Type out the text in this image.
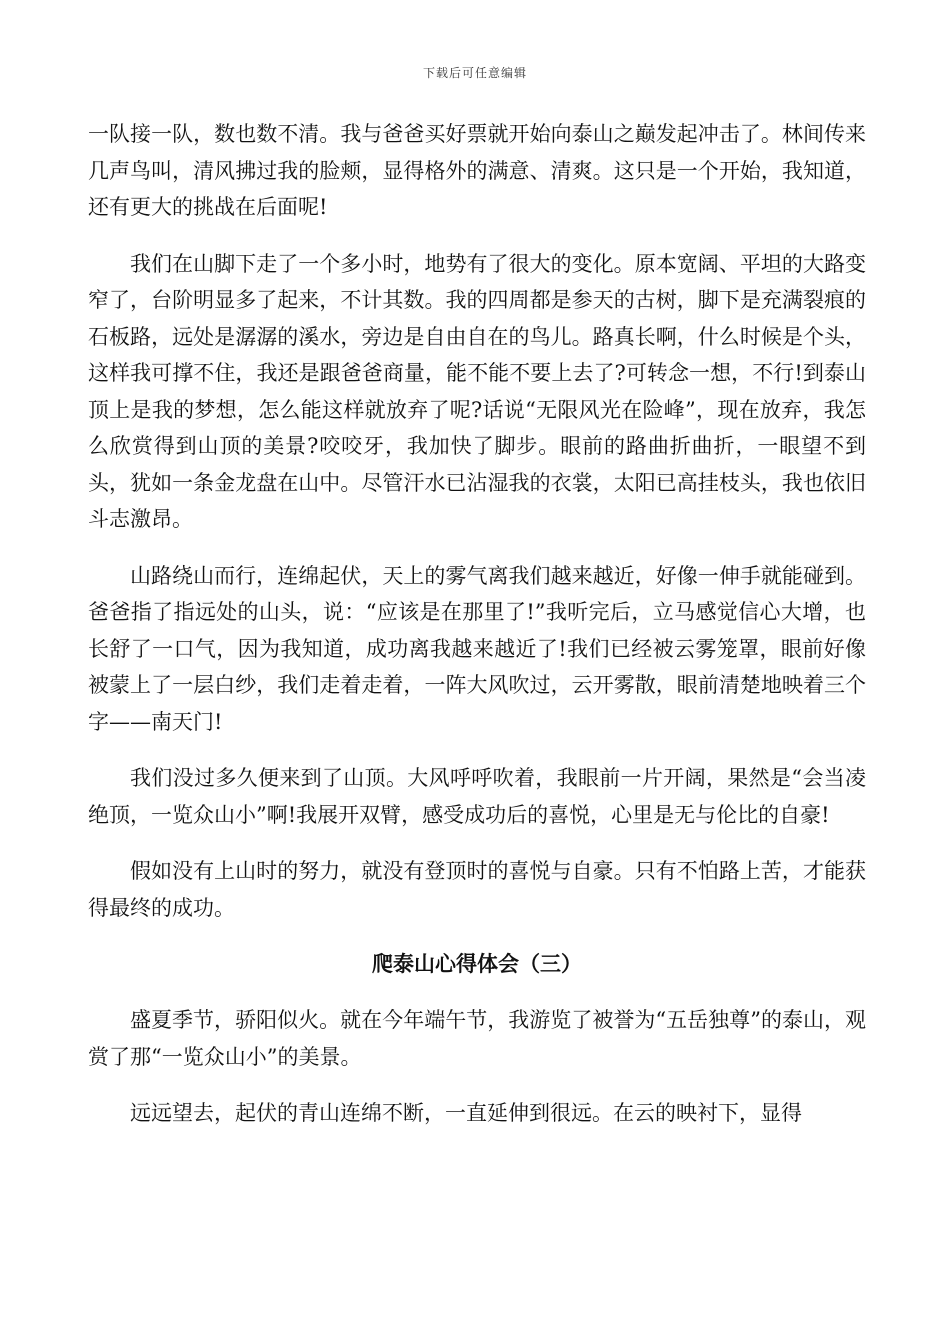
下载后可任意编辑

一队接一队，数也数不清。我与爸爸买好票就开始向泰山之巅发起冲击了。林间传来几声鸟叫，清风拂过我的脸颊，显得格外的满意、清爽。这只是一个开始，我知道，还有更大的挑战在后面呢!

我们在山脚下走了一个多小时，地势有了很大的变化。原本宽阔、平坦的大路变窄了，台阶明显多了起来，不计其数。我的四周都是参天的古树，脚下是充满裂痕的石板路，远处是潺潺的溪水，旁边是自由自在的鸟儿。路真长啊，什么时候是个头，这样我可撑不住，我还是跟爸爸商量，能不能不要上去了?可转念一想，不行!到泰山顶上是我的梦想，怎么能这样就放弃了呢?话说“无限风光在险峰”，现在放弃，我怎么欣赏得到山顶的美景?咬咬牙，我加快了脚步。眼前的路曲折曲折，一眼望不到头，犹如一条金龙盘在山中。尽管汗水已沾湿我的衣裳，太阳已高挂枝头，我也依旧斗志激昂。

山路绕山而行，连绵起伏，天上的雾气离我们越来越近，好像一伸手就能碰到。爸爸指了指远处的山头，说：“应该是在那里了!”我听完后，立马感觉信心大增，也长舒了一口气，因为我知道，成功离我越来越近了!我们已经被云雾笼罩，眼前好像被蒙上了一层白纱，我们走着走着，一阵大风吹过，云开雾散，眼前清楚地映着三个字——南天门!

我们没过多久便来到了山顶。大风呼呼吹着，我眼前一片开阔，果然是“会当凌绝顶，一览众山小”啊!我展开双臂，感受成功后的喜悦，心里是无与伦比的自豪!

假如没有上山时的努力，就没有登顶时的喜悦与自豪。只有不怕路上苦，才能获得最终的成功。

爬泰山心得体会（三）

盛夏季节，骄阳似火。就在今年端午节，我游览了被誉为“五岳独尊”的泰山，观赏了那“一览众山小”的美景。

远远望去，起伏的青山连绵不断，一直延伸到很远。在云的映衬下，显得
